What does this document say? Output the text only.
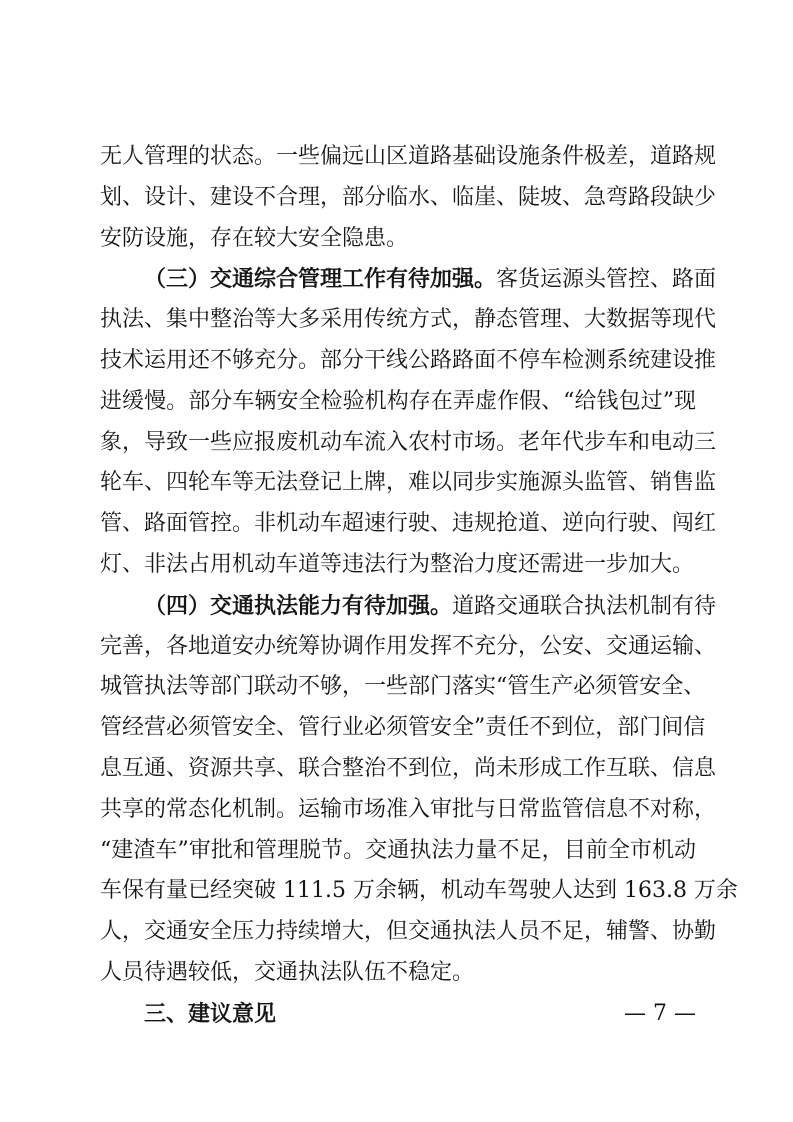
无人管理的状态。一些偏远山区道路基础设施条件极差，道路规
划、设计、建设不合理，部分临水、临崖、陡坡、急弯路段缺少
安防设施，存在较大安全隐患。
（三）交通综合管理工作有待加强。客货运源头管控、路面
执法、集中整治等大多采用传统方式，静态管理、大数据等现代
技术运用还不够充分。部分干线公路路面不停车检测系统建设推
进缓慢。部分车辆安全检验机构存在弄虚作假、“给钱包过”现
象，导致一些应报废机动车流入农村市场。老年代步车和电动三
轮车、四轮车等无法登记上牌，难以同步实施源头监管、销售监
管、路面管控。非机动车超速行驶、违规抢道、逆向行驶、闯红
灯、非法占用机动车道等违法行为整治力度还需进一步加大。
（四）交通执法能力有待加强。道路交通联合执法机制有待
完善，各地道安办统筹协调作用发挥不充分，公安、交通运输、
城管执法等部门联动不够，一些部门落实“管生产必须管安全、
管经营必须管安全、管行业必须管安全”责任不到位，部门间信
息互通、资源共享、联合整治不到位，尚未形成工作互联、信息
共享的常态化机制。运输市场准入审批与日常监管信息不对称，
“建渣车”审批和管理脱节。交通执法力量不足，目前全市机动
车保有量已经突破 111.5 万余辆，机动车驾驶人达到 163.8 万余
人，交通安全压力持续增大，但交通执法人员不足，辅警、协勤
人员待遇较低，交通执法队伍不稳定。
三、建议意见	— 7 —
